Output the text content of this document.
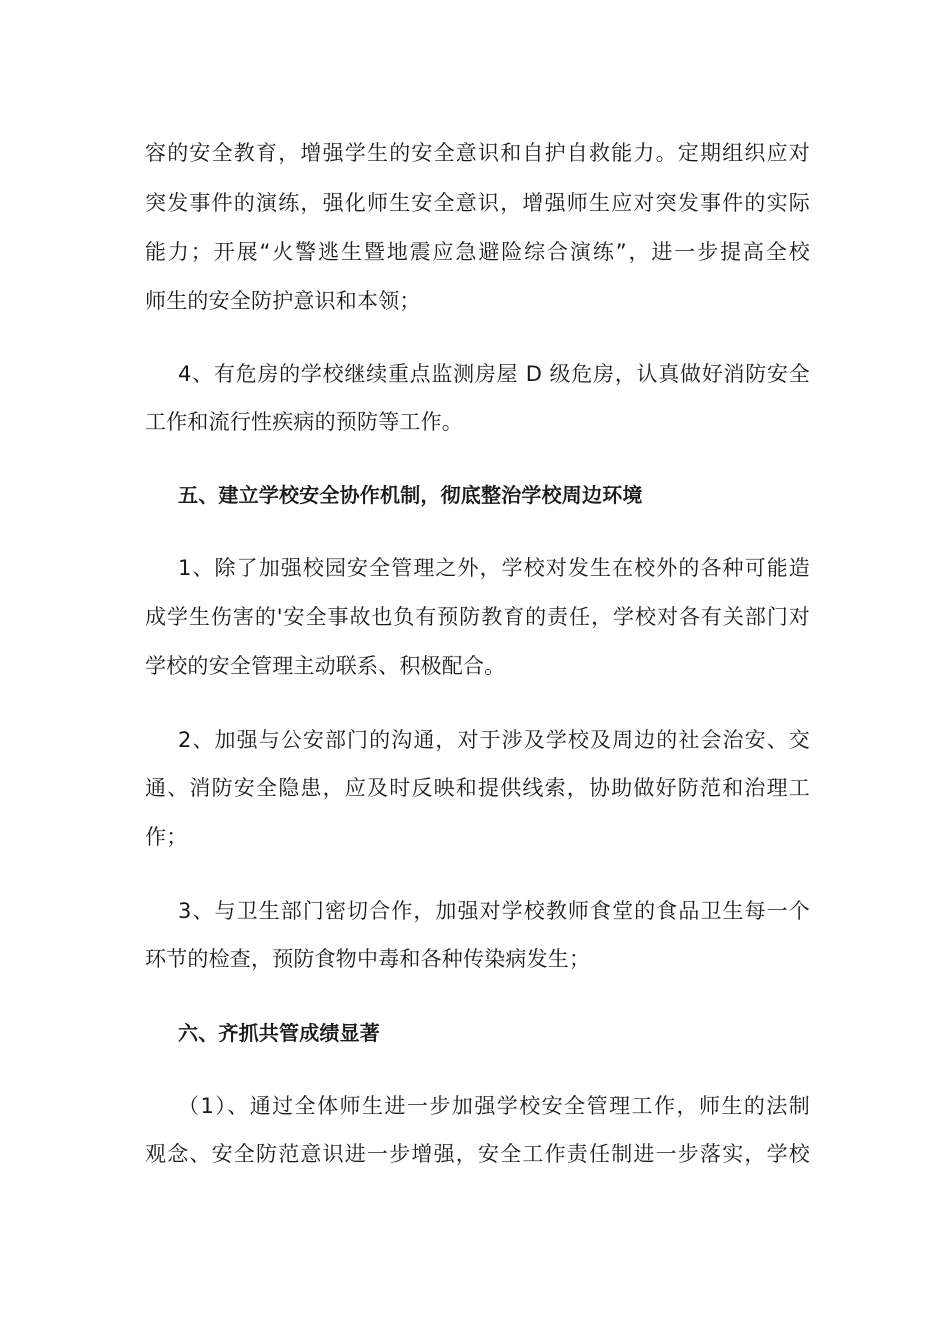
容的安全教育，增强学生的安全意识和自护自救能力。定期组织应对
突发事件的演练，强化师生安全意识，增强师生应对突发事件的实际
能力；开展“火警逃生暨地震应急避险综合演练”，进一步提高全校
师生的安全防护意识和本领；
4、有危房的学校继续重点监测房屋 D 级危房，认真做好消防安全
工作和流行性疾病的预防等工作。
五、建立学校安全协作机制，彻底整治学校周边环境
1、除了加强校园安全管理之外，学校对发生在校外的各种可能造
成学生伤害的'安全事故也负有预防教育的责任，学校对各有关部门对
学校的安全管理主动联系、积极配合。
2、加强与公安部门的沟通，对于涉及学校及周边的社会治安、交
通、消防安全隐患，应及时反映和提供线索，协助做好防范和治理工
作；
3、与卫生部门密切合作，加强对学校教师食堂的食品卫生每一个
环节的检查，预防食物中毒和各种传染病发生；
六、齐抓共管成绩显著
（1）、通过全体师生进一步加强学校安全管理工作，师生的法制
观念、安全防范意识进一步增强，安全工作责任制进一步落实，学校
